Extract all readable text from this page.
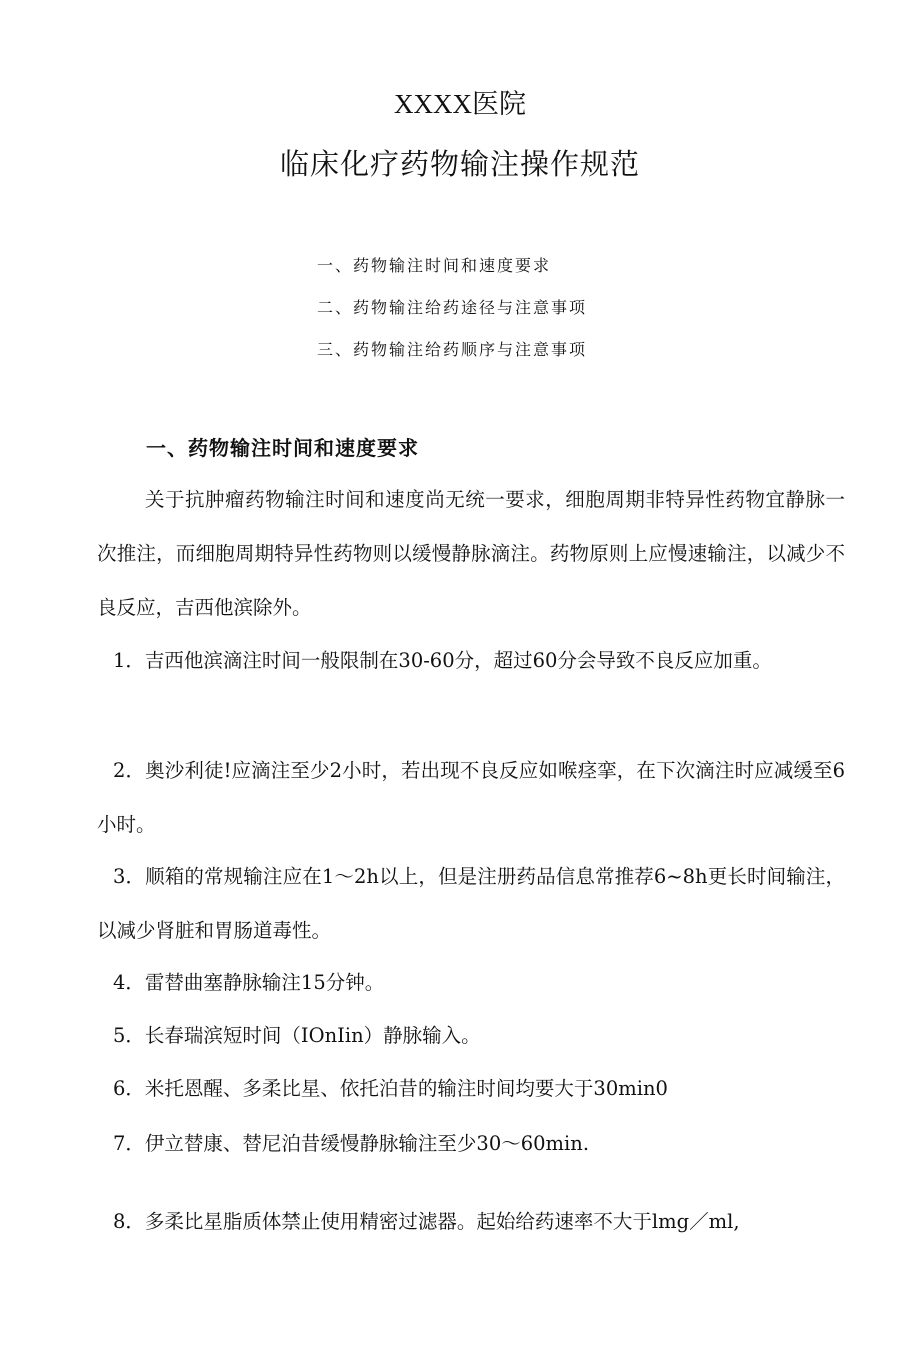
XXXX医院
临床化疗药物输注操作规范
一、药物输注时间和速度要求
二、药物输注给药途径与注意事项
三、药物输注给药顺序与注意事项
一、药物输注时间和速度要求

关于抗肿瘤药物输注时间和速度尚无统一要求，细胞周期非特异性药物宜静脉一次推注，而细胞周期特异性药物则以缓慢静脉滴注。药物原则上应慢速输注，以减少不良反应，吉西他滨除外。

1．吉西他滨滴注时间一般限制在30-60分，超过60分会导致不良反应加重。

2．奥沙利徒!应滴注至少2小时，若出现不良反应如喉痉挛，在下次滴注时应减缓至6小时。

3．顺箱的常规输注应在1～2h以上，但是注册药品信息常推荐6~8h更长时间输注，以减少肾脏和胃肠道毒性。

4．雷替曲塞静脉输注15分钟。

5．长春瑞滨短时间（IOnIin）静脉输入。

6．米托恩醒、多柔比星、依托泊昔的输注时间均要大于30min0

7．伊立替康、替尼泊昔缓慢静脉输注至少30～60min.

8．多柔比星脂质体禁止使用精密过滤器。起始给药速率不大于lmg／ml,
